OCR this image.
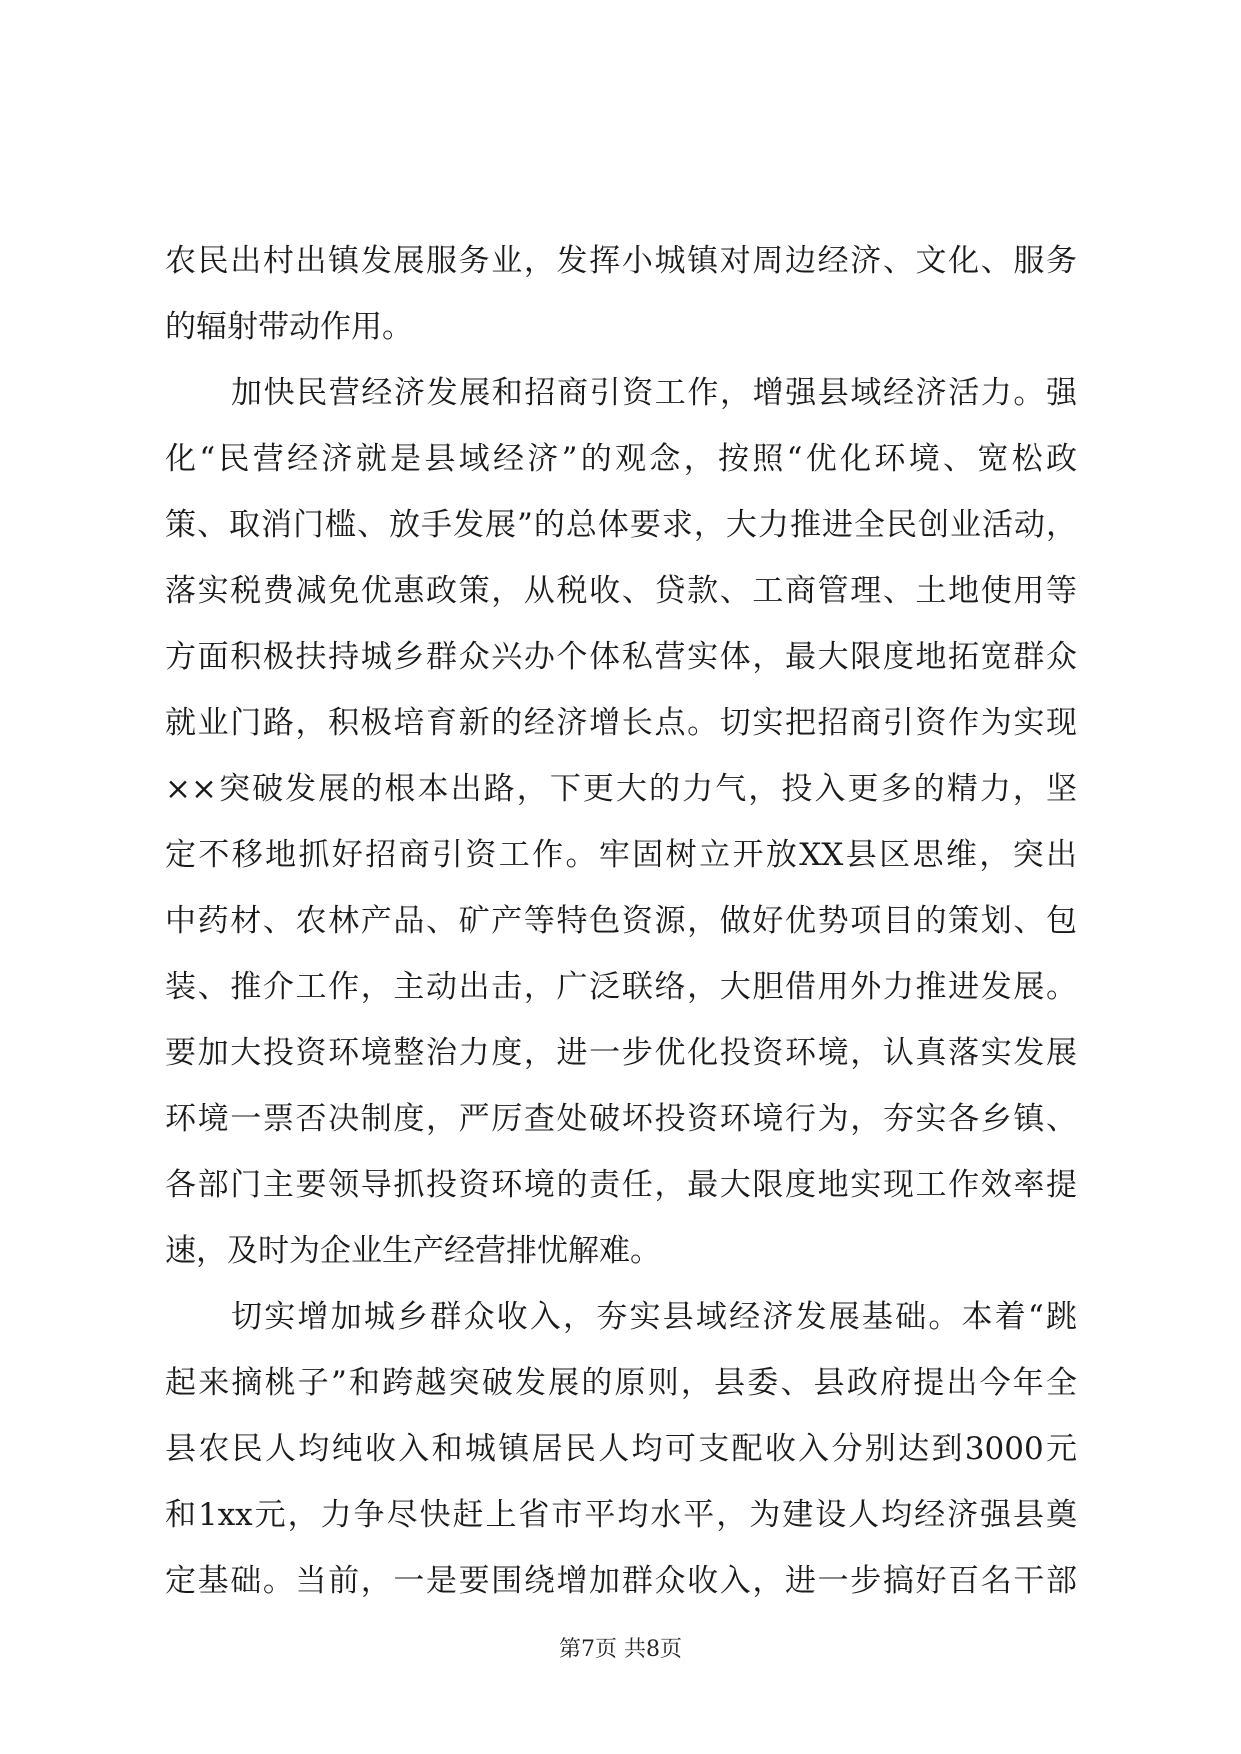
农民出村出镇发展服务业，发挥小城镇对周边经济、文化、服务
的辐射带动作用。
加快民营经济发展和招商引资工作，增强县域经济活力。强
化“民营经济就是县域经济”的观念，按照“优化环境、宽松政
策、取消门槛、放手发展”的总体要求，大力推进全民创业活动，
落实税费减免优惠政策，从税收、贷款、工商管理、土地使用等
方面积极扶持城乡群众兴办个体私营实体，最大限度地拓宽群众
就业门路，积极培育新的经济增长点。切实把招商引资作为实现
××突破发展的根本出路，下更大的力气，投入更多的精力，坚
定不移地抓好招商引资工作。牢固树立开放XX县区思维，突出
中药材、农林产品、矿产等特色资源，做好优势项目的策划、包
装、推介工作，主动出击，广泛联络，大胆借用外力推进发展。
要加大投资环境整治力度，进一步优化投资环境，认真落实发展
环境一票否决制度，严厉查处破坏投资环境行为，夯实各乡镇、
各部门主要领导抓投资环境的责任，最大限度地实现工作效率提
速，及时为企业生产经营排忧解难。
切实增加城乡群众收入，夯实县域经济发展基础。本着“跳
起来摘桃子”和跨越突破发展的原则，县委、县政府提出今年全
县农民人均纯收入和城镇居民人均可支配收入分别达到3000元
和1xx元，力争尽快赶上省市平均水平，为建设人均经济强县奠
定基础。当前，一是要围绕增加群众收入，进一步搞好百名干部
第7页 共8页
